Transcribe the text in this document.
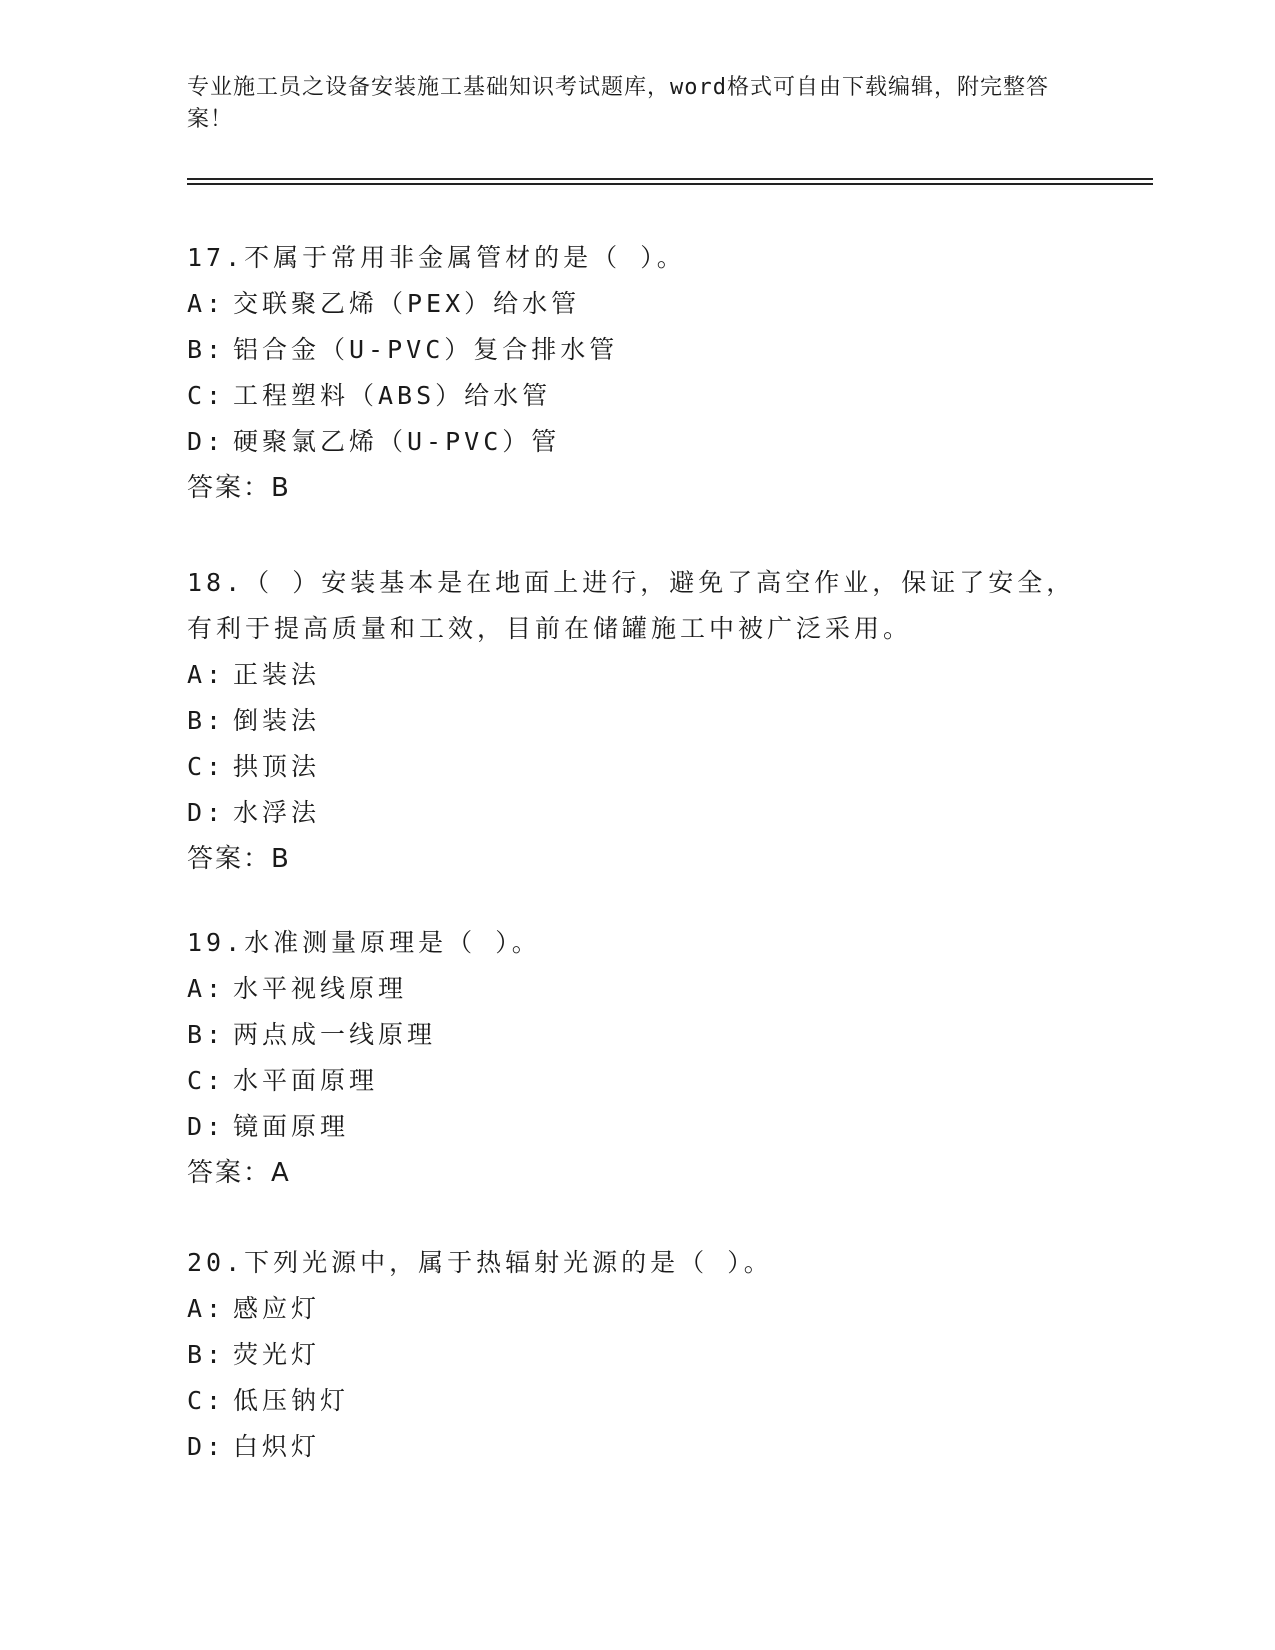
专业施工员之设备安装施工基础知识考试题库，word格式可自由下载编辑，附完整答案！
17.不属于常用非金属管材的是（ ）。
A: 交联聚乙烯（PEX）给水管
B: 铝合金（U-PVC）复合排水管
C: 工程塑料（ABS）给水管
D: 硬聚氯乙烯（U-PVC）管
答案：B
18.（ ）安装基本是在地面上进行，避免了高空作业，保证了安全，有利于提高质量和工效，目前在储罐施工中被广泛采用。
A: 正装法
B: 倒装法
C: 拱顶法
D: 水浮法
答案：B
19.水准测量原理是（ ）。
A: 水平视线原理
B: 两点成一线原理
C: 水平面原理
D: 镜面原理
答案：A
20.下列光源中，属于热辐射光源的是（ ）。
A: 感应灯
B: 荧光灯
C: 低压钠灯
D: 白炽灯
